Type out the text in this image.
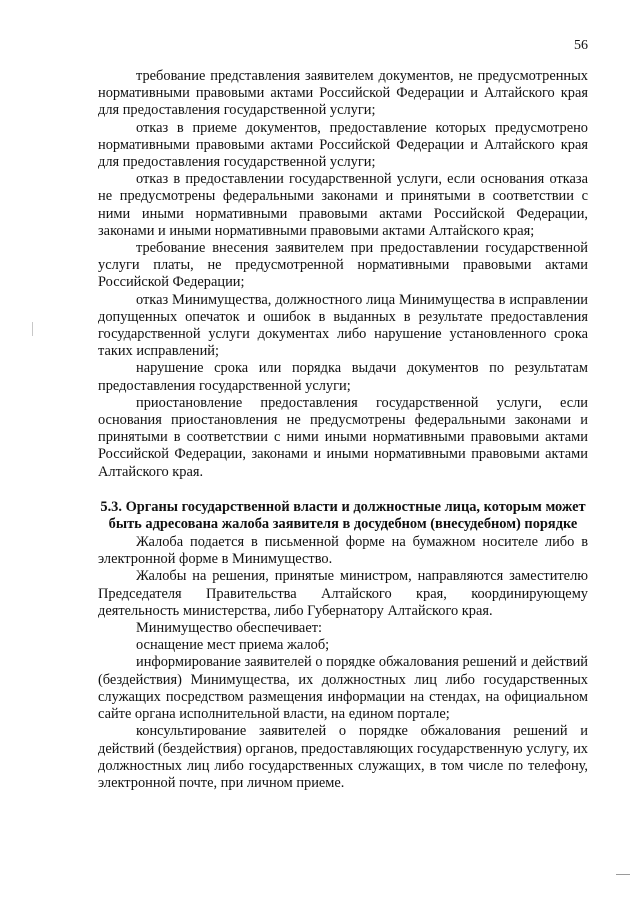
56

требование представления заявителем документов, не предусмотренных нормативными правовыми актами Российской Федерации и Алтайского края для предоставления государственной услуги;

отказ в приеме документов, предоставление которых предусмотрено нормативными правовыми актами Российской Федерации и Алтайского края для предоставления государственной услуги;

отказ в предоставлении государственной услуги, если основания отказа не предусмотрены федеральными законами и принятыми в соответствии с ними иными нормативными правовыми актами Российской Федерации, законами и иными нормативными правовыми актами Алтайского края;

требование внесения заявителем при предоставлении государственной услуги платы, не предусмотренной нормативными правовыми актами Российской Федерации;

отказ Минимущества, должностного лица Минимущества в исправлении допущенных опечаток и ошибок в выданных в результате предоставления государственной услуги документах либо нарушение установленного срока таких исправлений;

нарушение срока или порядка выдачи документов по результатам предоставления государственной услуги;

приостановление предоставления государственной услуги, если основания приостановления не предусмотрены федеральными законами и принятыми в соответствии с ними иными нормативными правовыми актами Российской Федерации, законами и иными нормативными правовыми актами Алтайского края.

5.3. Органы государственной власти и должностные лица, которым может быть адресована жалоба заявителя в досудебном (внесудебном) порядке

Жалоба подается в письменной форме на бумажном носителе либо в электронной форме в Минимущество.

Жалобы на решения, принятые министром, направляются заместителю Председателя Правительства Алтайского края, координирующему деятельность министерства, либо Губернатору Алтайского края.

Минимущество обеспечивает:

оснащение мест приема жалоб;

информирование заявителей о порядке обжалования решений и действий (бездействия) Минимущества, их должностных лиц либо государственных служащих посредством размещения информации на стендах, на официальном сайте органа исполнительной власти, на едином портале;

консультирование заявителей о порядке обжалования решений и действий (бездействия) органов, предоставляющих государственную услугу, их должностных лиц либо государственных служащих, в том числе по телефону, электронной почте, при личном приеме.
